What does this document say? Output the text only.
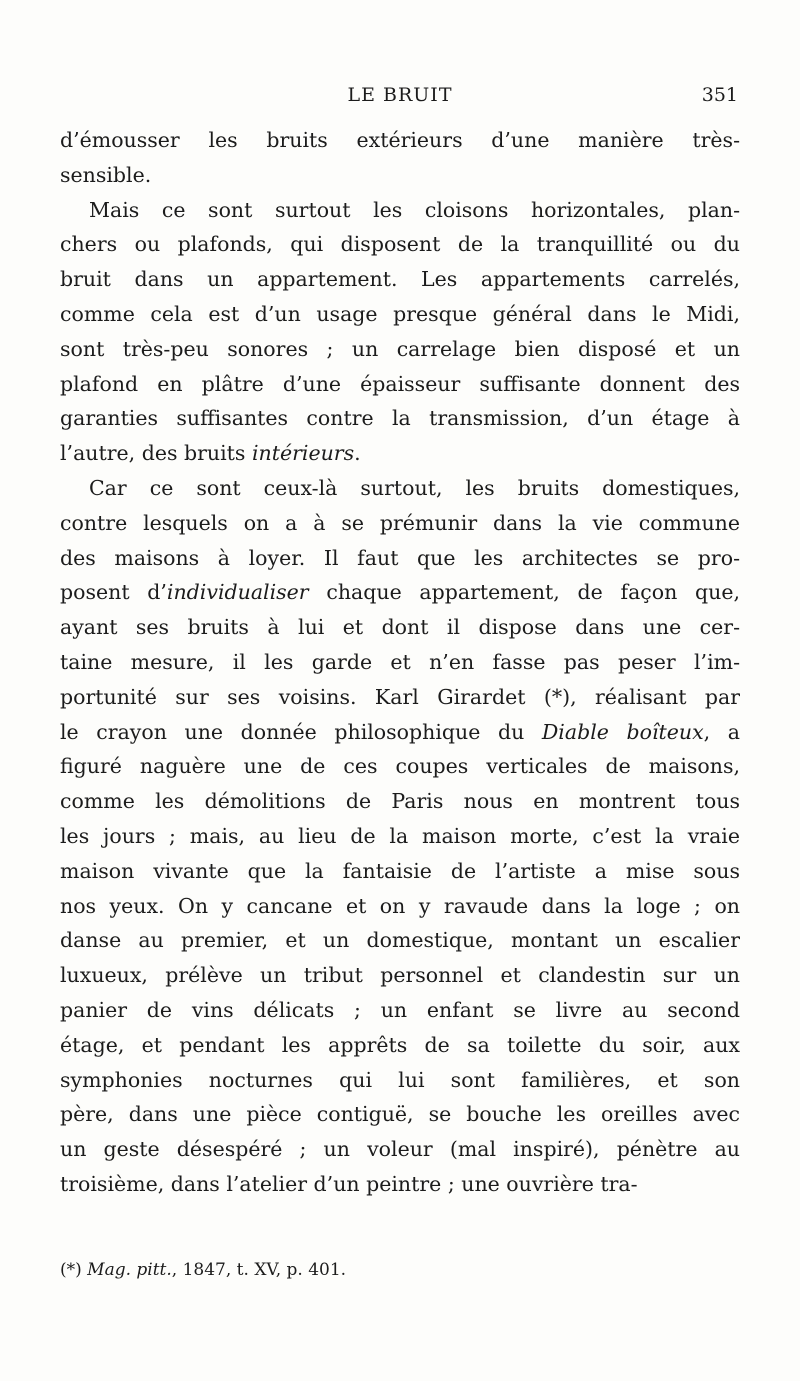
LE BRUIT	351
d’émousser les bruits extérieurs d’une manière très-
sensible.
Mais ce sont surtout les cloisons horizontales, plan-
chers ou plafonds, qui disposent de la tranquillité ou du
bruit dans un appartement. Les appartements carrelés,
comme cela est d’un usage presque général dans le Midi,
sont très-peu sonores ; un carrelage bien disposé et un
plafond en plâtre d’une épaisseur suffisante donnent des
garanties suffisantes contre la transmission, d’un étage à
l’autre, des bruits intérieurs.
Car ce sont ceux-là surtout, les bruits domestiques,
contre lesquels on a à se prémunir dans la vie commune
des maisons à loyer. Il faut que les architectes se pro-
posent d’individualiser chaque appartement, de façon que,
ayant ses bruits à lui et dont il dispose dans une cer-
taine mesure, il les garde et n’en fasse pas peser l’im-
portunité sur ses voisins. Karl Girardet (*), réalisant par
le crayon une donnée philosophique du Diable boîteux, a
figuré naguère une de ces coupes verticales de maisons,
comme les démolitions de Paris nous en montrent tous
les jours ; mais, au lieu de la maison morte, c’est la vraie
maison vivante que la fantaisie de l’artiste a mise sous
nos yeux. On y cancane et on y ravaude dans la loge ; on
danse au premier, et un domestique, montant un escalier
luxueux, prélève un tribut personnel et clandestin sur un
panier de vins délicats ; un enfant se livre au second
étage, et pendant les apprêts de sa toilette du soir, aux
symphonies nocturnes qui lui sont familières, et son
père, dans une pièce contiguë, se bouche les oreilles avec
un geste désespéré ; un voleur (mal inspiré), pénètre au
troisième, dans l’atelier d’un peintre ; une ouvrière tra-
(*) Mag. pitt., 1847, t. XV, p. 401.
